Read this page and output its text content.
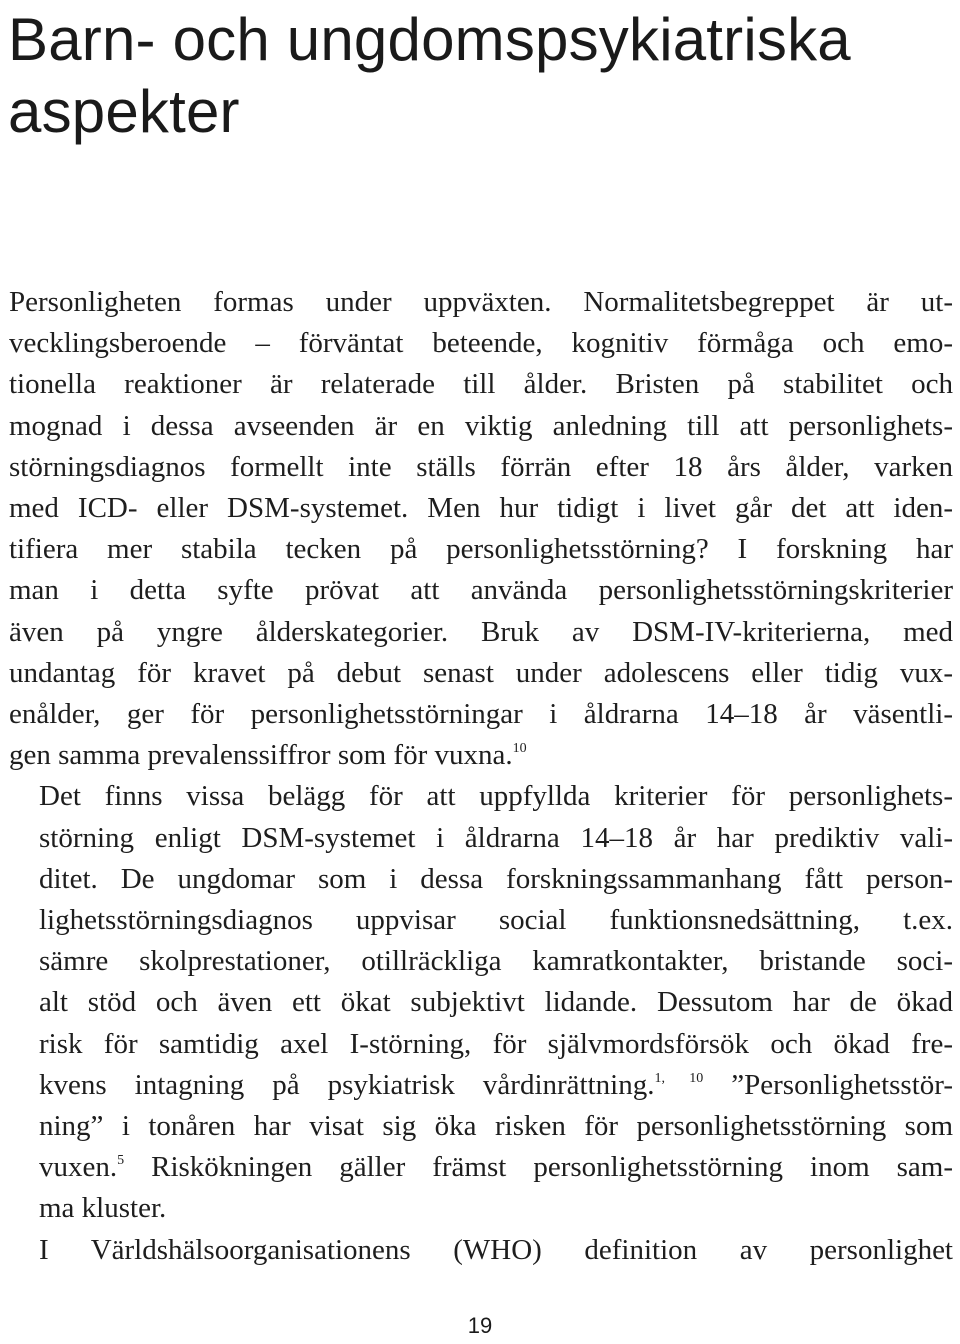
Barn- och ungdomspsykiatriska
aspekter

Personligheten formas under uppväxten. Normalitetsbegreppet är ut-
vecklingsberoende – förväntat beteende, kognitiv förmåga och emo-
tionella reaktioner är relaterade till ålder. Bristen på stabilitet och
mognad i dessa avseenden är en viktig anledning till att personlighets-
störningsdiagnos formellt inte ställs förrän efter 18 års ålder, varken
med ICD- eller DSM-systemet. Men hur tidigt i livet går det att iden-
tifiera mer stabila tecken på personlighetsstörning? I forskning har
man i detta syfte prövat att använda personlighetsstörningskriterier
även på yngre ålderskategorier. Bruk av DSM-IV-kriterierna, med
undantag för kravet på debut senast under adolescens eller tidig vux-
enålder, ger för personlighetsstörningar i åldrarna 14–18 år väsentli-
gen samma prevalenssiffror som för vuxna.$^{10}$

Det finns vissa belägg för att uppfyllda kriterier för personlighets-
störning enligt DSM-systemet i åldrarna 14–18 år har prediktiv vali-
ditet. De ungdomar som i dessa forskningssammanhang fått person-
lighetsstörningsdiagnos uppvisar social funktionsnedsättning, t.ex.
sämre skolprestationer, otillräckliga kamratkontakter, bristande soci-
alt stöd och även ett ökat subjektivt lidande. Dessutom har de ökad
risk för samtidig axel I-störning, för självmordsförsök och ökad fre-
kvens intagning på psykiatrisk vårdinrättning.$^{1, 10}$ ”Personlighetsstör-
ning” i tonåren har visat sig öka risken för personlighetsstörning som
vuxen.$^5$ Riskökningen gäller främst personlighetsstörning inom sam-
ma kluster.

I Världshälsoorganisationens (WHO) definition av personlighet

19
